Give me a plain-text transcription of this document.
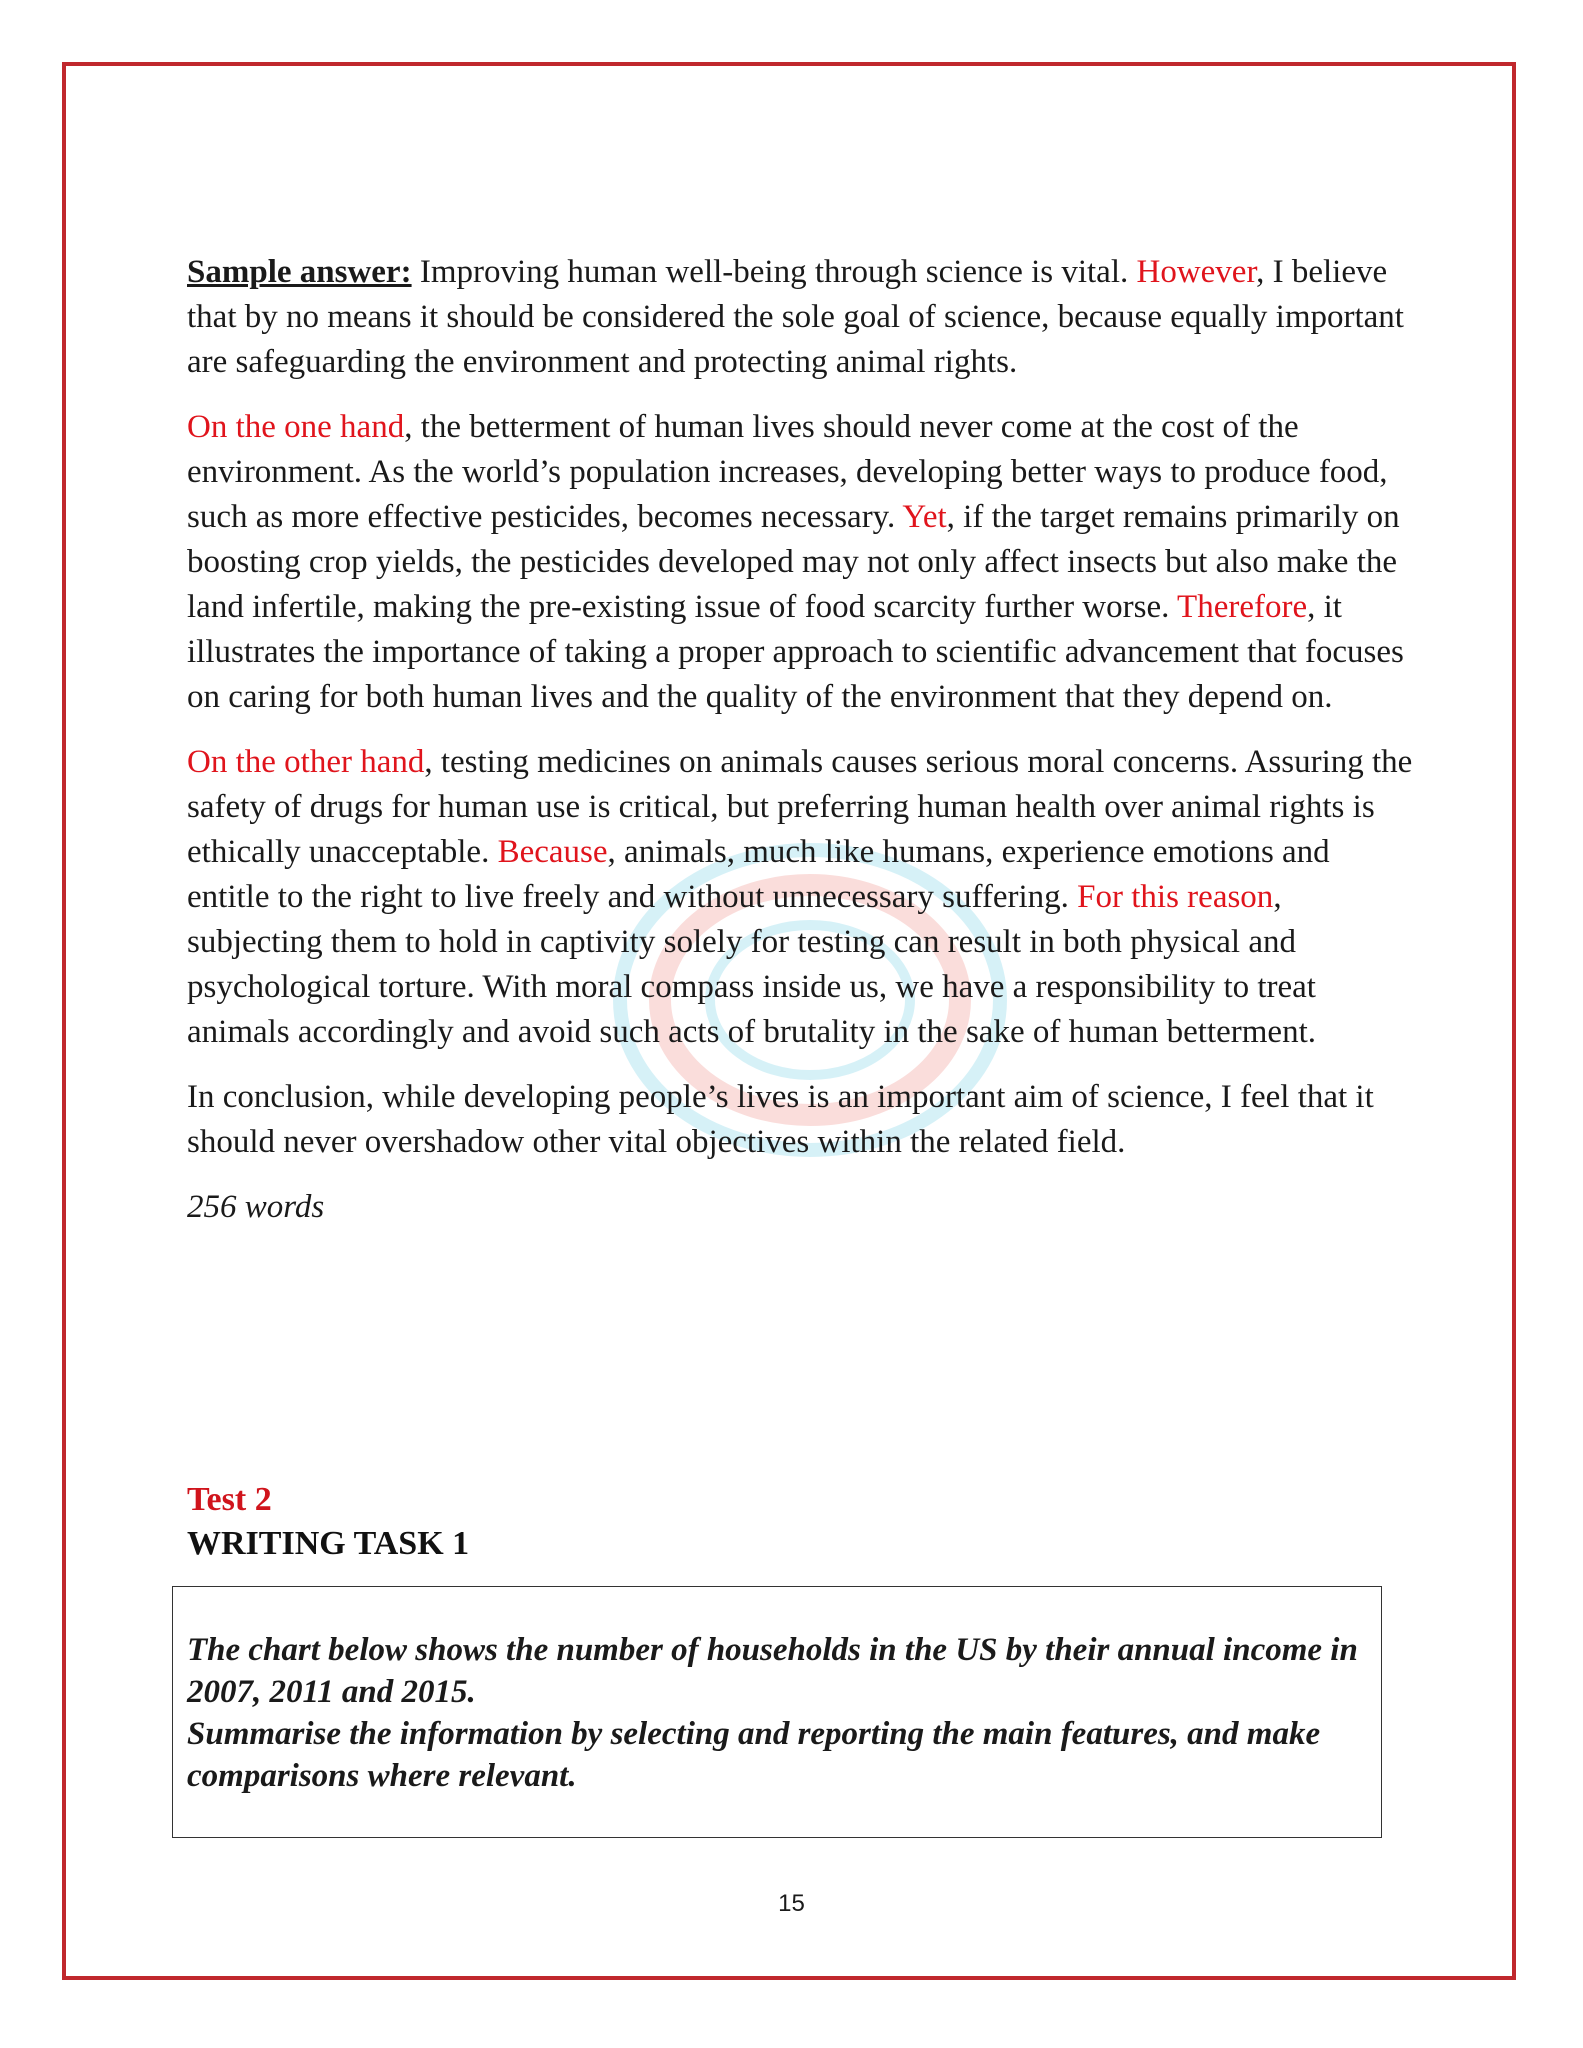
Sample answer: Improving human well-being through science is vital. However, I believe that by no means it should be considered the sole goal of science, because equally important are safeguarding the environment and protecting animal rights.

On the one hand, the betterment of human lives should never come at the cost of the environment. As the world’s population increases, developing better ways to produce food, such as more effective pesticides, becomes necessary. Yet, if the target remains primarily on boosting crop yields, the pesticides developed may not only affect insects but also make the land infertile, making the pre-existing issue of food scarcity further worse. Therefore, it illustrates the importance of taking a proper approach to scientific advancement that focuses on caring for both human lives and the quality of the environment that they depend on.

On the other hand, testing medicines on animals causes serious moral concerns. Assuring the safety of drugs for human use is critical, but preferring human health over animal rights is ethically unacceptable. Because, animals, much like humans, experience emotions and entitle to the right to live freely and without unnecessary suffering. For this reason, subjecting them to hold in captivity solely for testing can result in both physical and psychological torture. With moral compass inside us, we have a responsibility to treat animals accordingly and avoid such acts of brutality in the sake of human betterment.

In conclusion, while developing people’s lives is an important aim of science, I feel that it should never overshadow other vital objectives within the related field.

256 words

Test 2
WRITING TASK 1
The chart below shows the number of households in the US by their annual income in 2007, 2011 and 2015.
Summarise the information by selecting and reporting the main features, and make comparisons where relevant.
15
